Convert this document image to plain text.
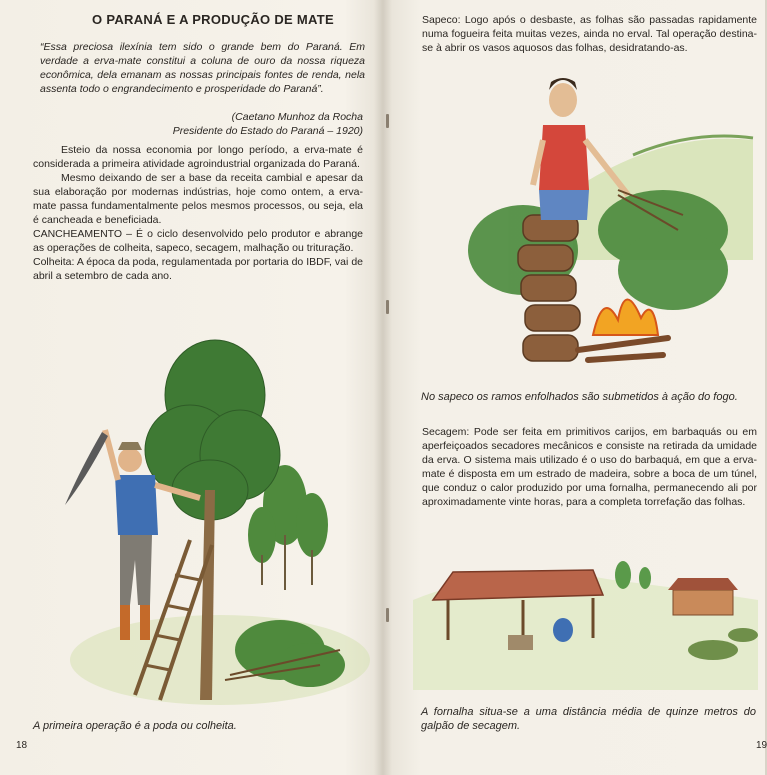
O PARANÁ E A PRODUÇÃO DE MATE
“Essa preciosa ilexínia tem sido o grande bem do Paraná. Em verdade a erva-mate constitui a coluna de ouro da nossa riqueza econômica, dela emanam as nossas principais fontes de renda, nela assenta todo o engrandecimento e prosperidade do Paraná”.
(Caetano Munhoz da Rocha
Presidente do Estado do Paraná – 1920)

Esteio da nossa economia por longo período, a erva-mate é considerada a primeira atividade agroindustrial organizada do Paraná.

Mesmo deixando de ser a base da receita cambial e apesar da sua elaboração por modernas indústrias, hoje como ontem, a erva-mate passa fundamentalmente pelos mesmos processos, ou seja, ela é cancheada e beneficiada.

CANCHEAMENTO – É o ciclo desenvolvido pelo produtor e abrange as operações de colheita, sapeco, secagem, malhação ou trituração.

Colheita: A época da poda, regulamentada por portaria do IBDF, vai de abril a setembro de cada ano.

A primeira operação é a poda ou colheita.
18
Sapeco: Logo após o desbaste, as folhas são passadas rapidamente numa fogueira feita muitas vezes, ainda no erval. Tal operação destina-se à abrir os vasos aquosos das folhas, desidratando-as.
No sapeco os ramos enfolhados são submetidos à ação do fogo.
Secagem: Pode ser feita em primitivos carijos, em barbaquás ou em aperfeiçoados secadores mecânicos e consiste na retirada da umidade da erva. O sistema mais utilizado é o uso do barbaquá, em que a erva-mate é disposta em um estrado de madeira, sobre a boca de um túnel, que conduz o calor produzido por uma fornalha, permanecendo ali por aproximadamente vinte horas, para a completa torrefação das folhas.
A fornalha situa-se a uma distância média de quinze metros do galpão de secagem.
19
